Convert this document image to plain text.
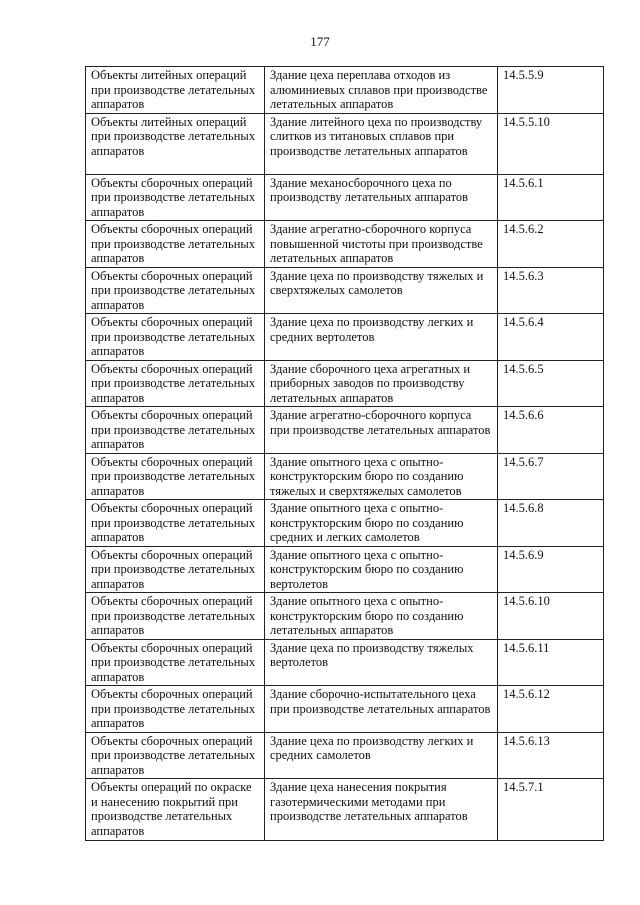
177
Объекты литейных операций при производстве летательных аппаратов	Здание цеха переплава отходов из алюминиевых сплавов при производстве летательных аппаратов	14.5.5.9
Объекты литейных операций при производстве летательных аппаратов	Здание литейного цеха по производству слитков из титановых сплавов при производстве летательных аппаратов	14.5.5.10
Объекты сборочных операций при производстве летательных аппаратов	Здание механосборочного цеха по производству летательных аппаратов	14.5.6.1
Объекты сборочных операций при производстве летательных аппаратов	Здание агрегатно-сборочного корпуса повышенной чистоты при производстве летательных аппаратов	14.5.6.2
Объекты сборочных операций при производстве летательных аппаратов	Здание цеха по производству тяжелых и сверхтяжелых самолетов	14.5.6.3
Объекты сборочных операций при производстве летательных аппаратов	Здание цеха по производству легких и средних вертолетов	14.5.6.4
Объекты сборочных операций при производстве летательных аппаратов	Здание сборочного цеха агрегатных и приборных заводов по производству летательных аппаратов	14.5.6.5
Объекты сборочных операций при производстве летательных аппаратов	Здание агрегатно-сборочного корпуса при производстве летательных аппаратов	14.5.6.6
Объекты сборочных операций при производстве летательных аппаратов	Здание опытного цеха с опытно-конструкторским бюро по созданию тяжелых и сверхтяжелых самолетов	14.5.6.7
Объекты сборочных операций при производстве летательных аппаратов	Здание опытного цеха с опытно-конструкторским бюро по созданию средних и легких самолетов	14.5.6.8
Объекты сборочных операций при производстве летательных аппаратов	Здание опытного цеха с опытно-конструкторским бюро по созданию вертолетов	14.5.6.9
Объекты сборочных операций при производстве летательных аппаратов	Здание опытного цеха с опытно-конструкторским бюро по созданию летательных аппаратов	14.5.6.10
Объекты сборочных операций при производстве летательных аппаратов	Здание цеха по производству тяжелых вертолетов	14.5.6.11
Объекты сборочных операций при производстве летательных аппаратов	Здание сборочно-испытательного цеха при производстве летательных аппаратов	14.5.6.12
Объекты сборочных операций при производстве летательных аппаратов	Здание цеха по производству легких и средних самолетов	14.5.6.13
Объекты операций по окраске и нанесению покрытий при производстве летательных аппаратов	Здание цеха нанесения покрытия газотермическими методами при производстве летательных аппаратов	14.5.7.1
